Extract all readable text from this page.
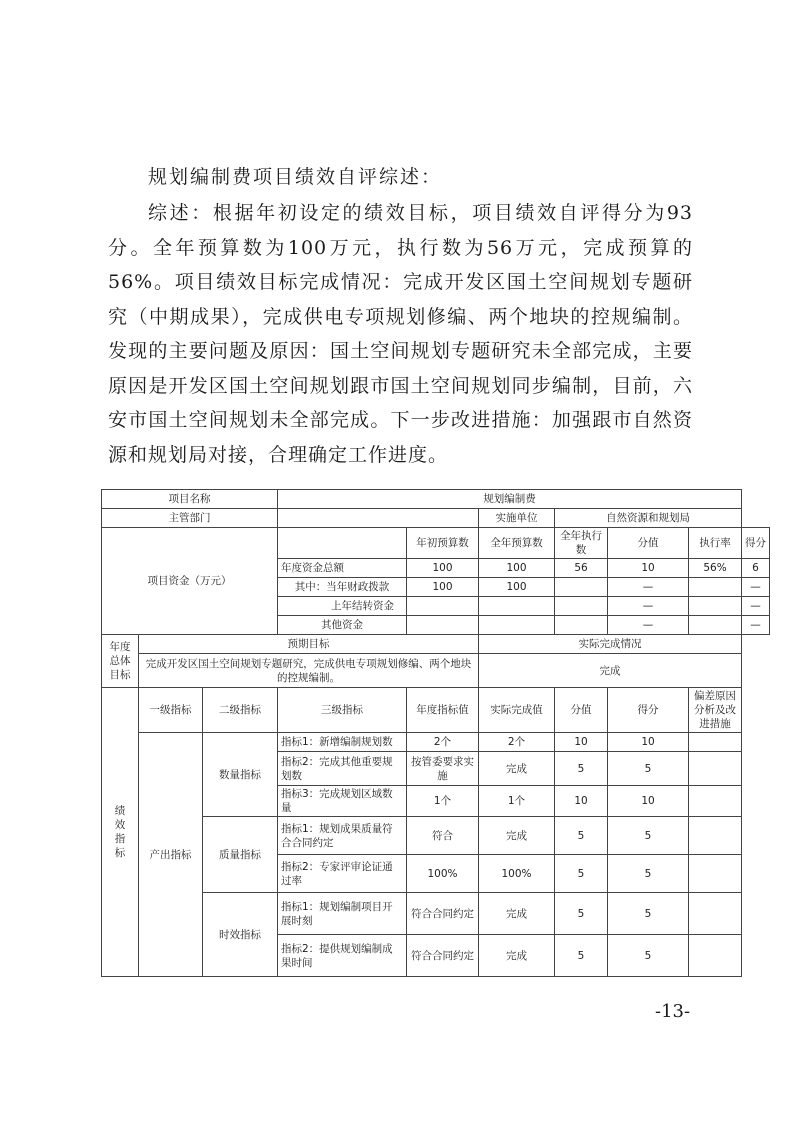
规划编制费项目绩效自评综述：
综述：根据年初设定的绩效目标，项目绩效自评得分为93分。全年预算数为100万元，执行数为56万元，完成预算的56%。项目绩效目标完成情况：完成开发区国土空间规划专题研究（中期成果），完成供电专项规划修编、两个地块的控规编制。发现的主要问题及原因：国土空间规划专题研究未全部完成，主要原因是开发区国土空间规划跟市国土空间规划同步编制，目前，六安市国土空间规划未全部完成。下一步改进措施：加强跟市自然资源和规划局对接，合理确定工作进度。
项目名称			规划编制费						
主管部门					实施单位	自然资源和规划局			
项目资金（万元）				年初预算数	全年预算数	全年执行数	分值	执行率	得分
			年度资金总额	100	100	56	10	56%	6
			其中：当年财政拨款	100	100		—		—
			上年结转资金				—		—
			其他资金				—		—
年度总体目标	预期目标				实际完成情况				
	完成开发区国土空间规划专题研究，完成供电专项规划修编、两个地块的控规编制。				完成				
绩效指标	一级指标	二级指标	三级指标	年度指标值	实际完成值	分值	得分	偏差原因分析及改进措施	
	产出指标	数量指标	指标1：新增编制规划数	2个	2个	10	10		
			指标2：完成其他重要规划数	按管委要求实施	完成	5	5		
			指标3：完成规划区域数量	1个	1个	10	10		
		质量指标	指标1：规划成果质量符合合同约定	符合	完成	5	5		
			指标2：专家评审论证通过率	100%	100%	5	5		
		时效指标	指标1：规划编制项目开展时刻	符合合同约定	完成	5	5		
			指标2：提供规划编制成果时间	符合合同约定	完成	5	5		
-13-
